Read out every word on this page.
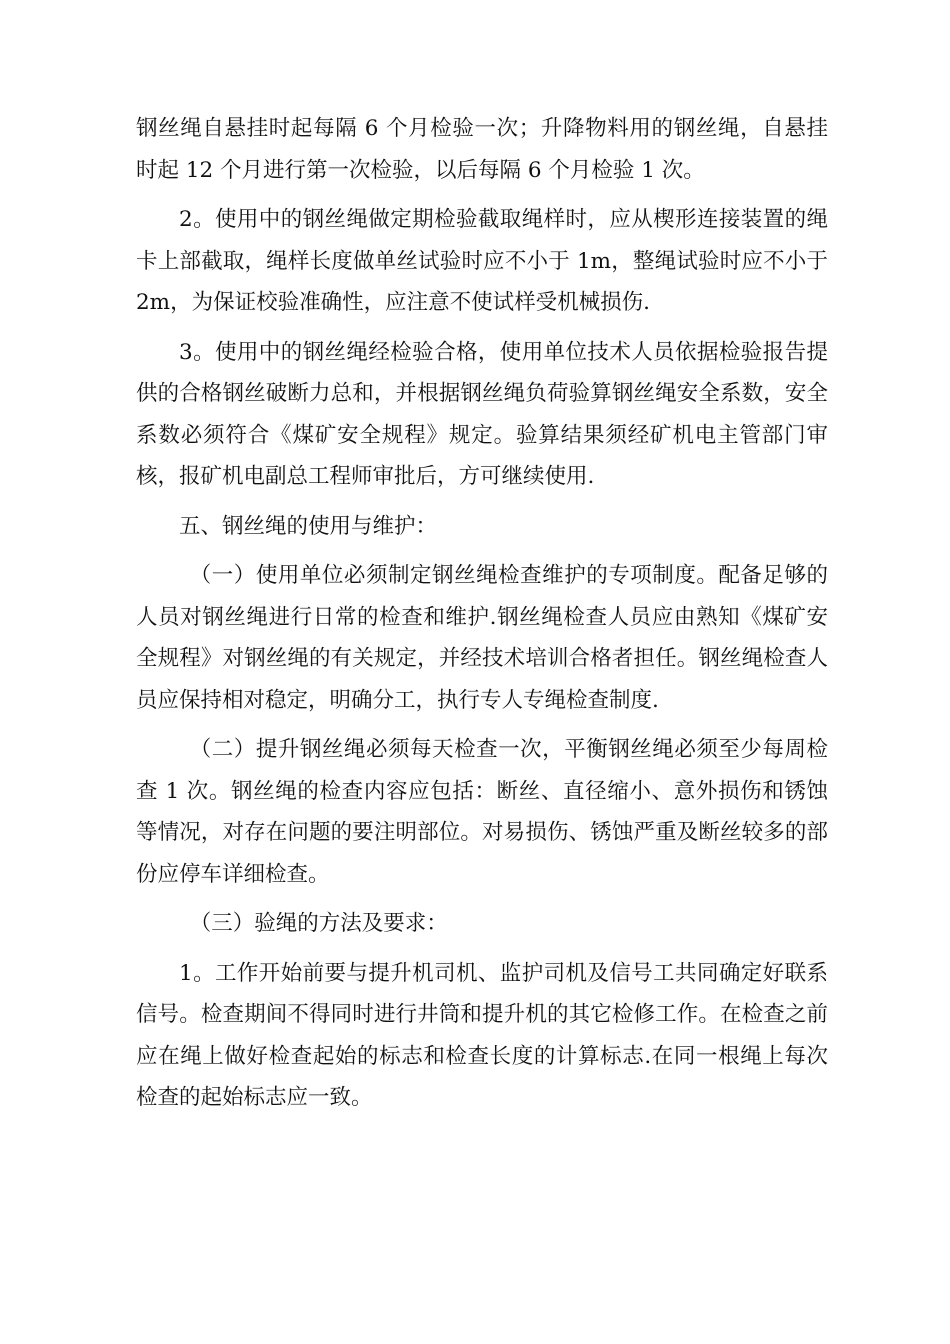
钢丝绳自悬挂时起每隔 6 个月检验一次；升降物料用的钢丝绳，自悬挂时起 12 个月进行第一次检验，以后每隔 6 个月检验 1 次。

2。使用中的钢丝绳做定期检验截取绳样时，应从楔形连接装置的绳卡上部截取，绳样长度做单丝试验时应不小于 1m，整绳试验时应不小于 2m，为保证校验准确性，应注意不使试样受机械损伤.

3。使用中的钢丝绳经检验合格，使用单位技术人员依据检验报告提供的合格钢丝破断力总和，并根据钢丝绳负荷验算钢丝绳安全系数，安全系数必须符合《煤矿安全规程》规定。验算结果须经矿机电主管部门审核，报矿机电副总工程师审批后，方可继续使用.

五、钢丝绳的使用与维护：

（一）使用单位必须制定钢丝绳检查维护的专项制度。配备足够的人员对钢丝绳进行日常的检查和维护.钢丝绳检查人员应由熟知《煤矿安全规程》对钢丝绳的有关规定，并经技术培训合格者担任。钢丝绳检查人员应保持相对稳定，明确分工，执行专人专绳检查制度.

（二）提升钢丝绳必须每天检查一次，平衡钢丝绳必须至少每周检查 1 次。钢丝绳的检查内容应包括：断丝、直径缩小、意外损伤和锈蚀等情况，对存在问题的要注明部位。对易损伤、锈蚀严重及断丝较多的部份应停车详细检查。

（三）验绳的方法及要求：

1。工作开始前要与提升机司机、监护司机及信号工共同确定好联系信号。检查期间不得同时进行井筒和提升机的其它检修工作。在检查之前应在绳上做好检查起始的标志和检查长度的计算标志.在同一根绳上每次检查的起始标志应一致。
